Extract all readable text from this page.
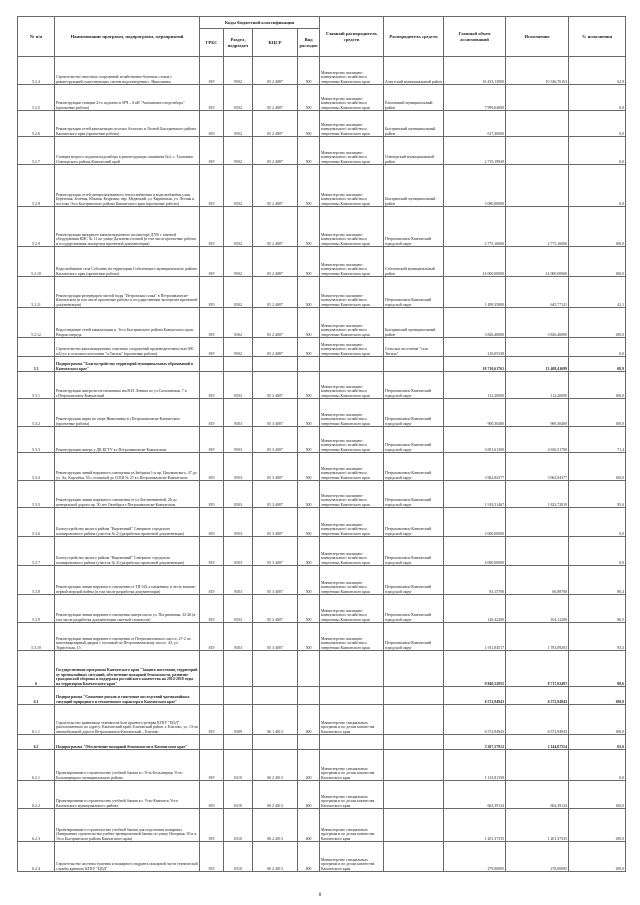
№ п/п	Наименование программ, подпрограмм, мероприятий	Коды бюджетной классификации				Главный распорядитель средств	Распорядитель средств	Главный объем ассигнований	Исполнение	% исполнения
		ГРБС	Раздел, подраздел	КЦСР	Вид расходов					
5.2.4	Строительство очистных сооружений хозяйственно-бытовых стоков с реконструкцией существующих систем водоотведения с. Николаевка	819	0502	05 2 4007	500	Министерство жилищно-коммунального хозяйства и энергетики Камчатского края	Алеутский муниципальный район	16 433,13000	10 336,76163	62,9
5.2.5	Реконструкция станции 2-го подъема и ЗРЧ – 6 кВ "Апачинского водозабора" (проектные работы)	819	0502	05 2 4007	500	Министерство жилищно-коммунального хозяйства и энергетики Камчатского края	Елизовский муниципальный район	7 999,64000		0,0
5.2.6	Реконструкция сетей канализации поселка Атласово и Лесной Быстринского района Камчатского края (проектные работы)	819	0502	05 2 4007	500	Министерство жилищно-коммунального хозяйства и энергетики Камчатского края	Быстринский муниципальный район	617,40000		0,0
5.2.7	Станция второго подъема водозабора в реконструкции скважины №4, с. Тиличики Олюторского района Камчатский край	819	0502	05 2 4007	500	Министерство жилищно-коммунального хозяйства и энергетики Камчатского края	Олюторский муниципальный район	2 719,19949		0,0
5.2.8	Реконструкция сетей централизованного теплоснабжения и водоснабжения улиц Берёзовая, Зелёная, Южная, Кедровая, пер. Медвежий, ул. Кирпичная, ул. Лесная и поселка Эссо Быстринского района Камчатского края (проектные работы)	819	0502	05 2 4007	500	Министерство жилищно-коммунального хозяйства и энергетики Камчатского края	Быстринский муниципальный район	5 080,00000		0,0
5.2.9	Реконструкция напорного канализационного коллектора Д700 с заменой оборудования КНС № 11 по улице Дальневосточной (в том числе проектные работы и государственная экспертиза проектной документации)	819	0502	05 2 4007	500	Министерство жилищно-коммунального хозяйства и энергетики Камчатского края	Петропавловск-Камчатский городской округ	2 775,16000	2 775,16000	100,0
5.2.10	Водоснабжение села Соболево на территории Соболевского муниципального района Камчатского края (проектные работы)	819	0502	05 2 4007	500	Министерство жилищно-коммунального хозяйства и энергетики Камчатского края	Соболевский муниципальный район	14 000,00000	14 000,00000	100,0
5.2.11	Реконструкция резервуаров чистой воды "Петровская сопка" в Петропавловске-Камчатском (в том числе проектные работы и государственная экспертиза проектной документации)	819	0502	05 2 4007	500	Министерство жилищно-коммунального хозяйства и энергетики Камчатского края	Петропавловск-Камчатский городской округ	1 499,35800	645,77121	43,1
5.2.12	Водоотведение сетей канализации п. Эссо Быстринского района Камчатского края. Вторая очередь	819	0502	05 2 4007	500	Министерство жилищно-коммунального хозяйства и энергетики Камчатского края	Быстринский муниципальный район	3 826,40000	3 826,40000	100,0
	Строительство канализационных очистных сооружений производительностью 300 м3/сут в сельском поселении "п.Тигиль" (проектные работы)	819	0502	05 2 4007	500	Министерство жилищно-коммунального хозяйства и энергетики Камчатского края	Сельское поселение "село Тигиль"	210,05338		0,0
5.3	Подпрограмма "Благоустройство территорий муниципальных образований в Камчатском крае"							18 710,61761	13 408,41699	68,9
5.3.1	Реконструкция сквера возле памятника им.В.И. Ленина по ул.Сахалинская, 7 в г.Петропавловск-Камчатский	819	0503	05 3 4007	500	Министерство жилищно-коммунального хозяйства и энергетики Камчатского края	Петропавловск-Камчатский городской округ	112,20000	112,20000	100,0
5.3.2	Реконструкция парка на озере Николаевка в г.Петропавловске-Камчатском (проектные работы)	819	0503	05 3 4007	500	Министерство жилищно-коммунального хозяйства и энергетики Камчатского края	Петропавловск-Камчатский городской округ	900,30400	900,30400	100,0
5.3.3	Реконструкция сквера у ДК КГТУ в г.Петропавловске-Камчатском	819	0503	05 3 4007	500	Министерство жилищно-коммунального хозяйства и энергетики Камчатского края	Петропавловск-Камчатский городской округ	3 691,61300	2 636,51700	71,4
5.3.4	Реконструкция линий наружного освещения ул.Звёздная 1-я пр. Циолковского, 47 до ул. Ак. Королёва, 56 с отсыпкой до СОШ № 27 в г.Петропавловске-Камчатском	819	0503	05 3 4007	500	Министерство жилищно-коммунального хозяйства и энергетики Камчатского края	Петропавловск-Камчатский городской округ	3 962,84377	3 962,84377	100,0
5.3.5	Реконструкция линии наружного освещения от ул.Лиственничной, 26 до центральной дороги пр. 50 лет Октября в г.Петропавловске-Камчатском	819	0503	05 3 4007	500	Министерство жилищно-коммунального хозяйства и энергетики Камчатского края	Петропавловск-Камчатский городской округ	1 919,51467	1 823,72819	95,0
5.3.6	Благоустройство жилого района "Кирпичный" Северного городского планировочного района (участок № 2) (разработка проектной документации)	819	0503	05 3 4007	500	Министерство жилищно-коммунального хозяйства и энергетики Камчатского края	Петропавловск-Камчатский городской округ	2 000,00000		0,0
5.3.7	Благоустройство жилого района "Кирпичный" Северного городского планировочного района (участок № 4) (разработка проектной документации)	819	0503	05 3 4007	500	Министерство жилищно-коммунального хозяйства и энергетики Камчатского края	Петропавловск-Камчатский городской округ	4 000,00000		0,0
5.3.8	Реконструкция линии наружного освещения от ТП-542 к памятнику в честь воинов-первой морской войны (в том числе разработка документации)	819	0503	05 3 4007	500	Министерство жилищно-коммунального хозяйства и энергетики Камчатского края	Петропавловск-Камчатский городской округ	83,15700	66,88700	80,4
5.3.9	Реконструкция линии наружного освещения сквера около ул. Пограничная, 32-26 (в том числе разработка документации сметной стоимости)	819	0503	05 3 4007	500	Министерство жилищно-коммунального хозяйства и энергетики Камчатского края	Петропавловск-Камчатский городской округ	120,42200	104,12200	86,5
5.3.10	Реконструкция линии наружного освещения от Петропавловского шоссе, 27-2 по многоквартирный дворов с отсыпкой по Петропавловскому шоссе, 43, ул. Туристская, 15	819	0503	05 3 4007	500	Министерство жилищно-коммунального хозяйства и энергетики Камчатского края	Петропавловск-Камчатский городской округ	1 911,84517	1 783,09203	93,3
6	Государственная программа Камчатского края "Защита населения, территорий от чрезвычайных ситуаций, обеспечение пожарной безопасности, развитие гражданской обороны и поддержка российского казачества на 2014-2018 годы на территории Камчатского края"							9 840,52855	8 717,02497	88,6
6.1	Подпрограмма "Снижение рисков и смягчение последствий чрезвычайных ситуаций природного и техногенного характера в Камчатском крае"							6 572,94943	6 572,94943	100,0
6.1.1	Строительство хранилища техники на базе краевого резерва КГКУ "ЦОД" расположенного по адресу: Камчатский край, Елизовский район, г. Елизово, ул. 13-ая автомобильной дороги Петропавловск-Камчатский – Елизово	819	0309	06 1 4013	400	Министерство специальных программ и по делам казачества Камчатского края		6 572,94943	6 572,94943	100,0
6.2	Подпрограмма "Обеспечение пожарной безопасности в Камчатском крае"							3 267,57912	2 144,07554	65,6
6.2.1	Проектирование и строительство учебной башни в с.Усть-Большерецк Усть-Большерецкого муниципального района	819	0310	06 2 4013	400	Министерство специальных программ и по делам казачества Камчатского края		1 123,81358		0,0
6.2.2	Проектирование и строительство учебной башни в г. Усть-Камчатск Усть-Камчатского муниципального района	819	0310	06 2 4013	400	Министерство специальных программ и по делам казачества Камчатского края		663,39134	663,39134	100,0
6.2.3	Проектирование и строительство учебной башни для подготовки пожарных (Завершение строительства учебно-тренировочной башни по улице Нагорная, 30 в п. Эссо Быстринского района Камчатского края)	819	0310	06 2 4013	400	Министерство специальных программ и по делам казачества Камчатского края		1 201,37335	1 201,37335	100,0
6.2.4	Строительство системы тушения и пожарного гидранта пожарной части технической службы краевого КГКУ "ЦОД"	819	0310	06 2 4013	400	Министерство специальных программ и по делам казачества Камчатского края		279,00085	279,00085	100,0
8
